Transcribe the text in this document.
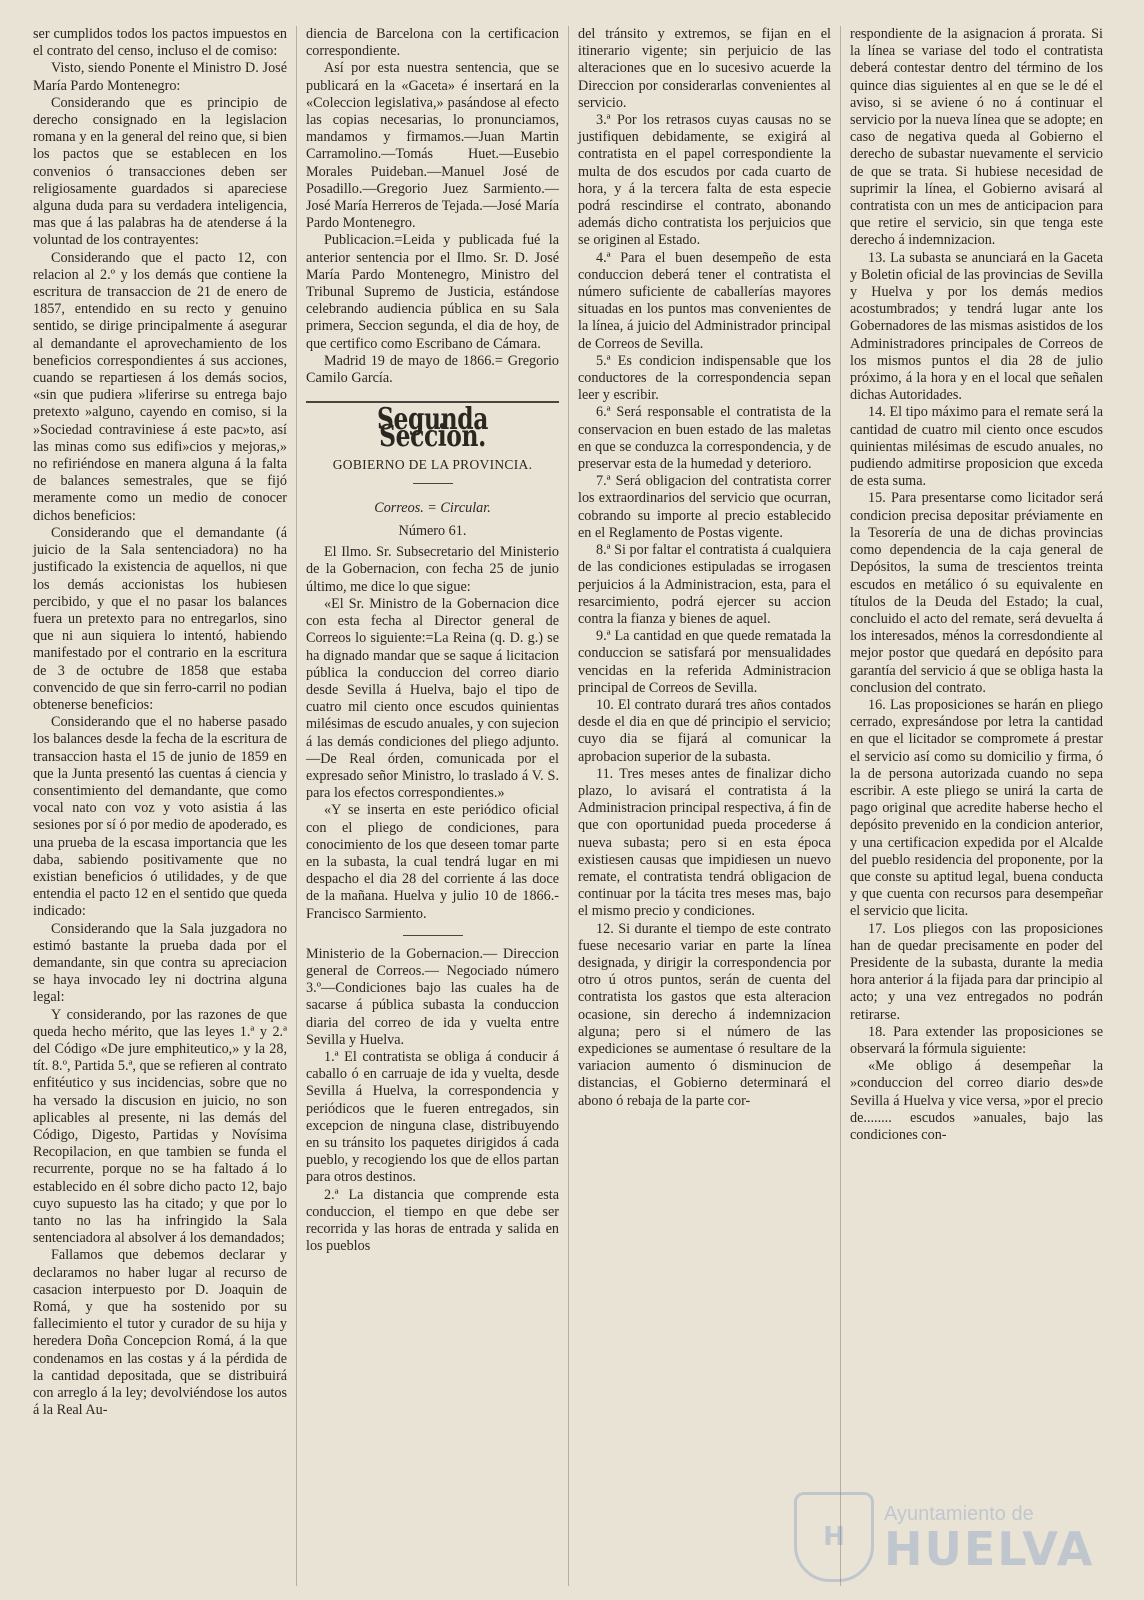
ser cumplidos todos los pactos impuestos en el contrato del censo, incluso el de comiso:

Visto, siendo Ponente el Ministro D. José María Pardo Montenegro:

Considerando que es principio de derecho consignado en la legislacion romana y en la general del reino que, si bien los pactos que se establecen en los convenios ó transacciones deben ser religiosamente guardados si apareciese alguna duda para su verdadera inteligencia, mas que á las palabras ha de atenderse á la voluntad de los contrayentes:

Considerando que el pacto 12, con relacion al 2.º y los demás que contiene la escritura de transaccion de 21 de enero de 1857, entendido en su recto y genuino sentido, se dirige principalmente á asegurar al demandante el aprovechamiento de los beneficios correspondientes á sus acciones, cuando se repartiesen á los demás socios, «sin que pudiera »liferirse su entrega bajo pretexto »alguno, cayendo en comiso, si la »Sociedad contraviniese á este pac»to, así las minas como sus edifi»cios y mejoras,» no refiriéndose en manera alguna á la falta de balances semestrales, que se fijó meramente como un medio de conocer dichos beneficios:

Considerando que el demandante (á juicio de la Sala sentenciadora) no ha justificado la existencia de aquellos, ni que los demás accionistas los hubiesen percibido, y que el no pasar los balances fuera un pretexto para no entregarlos, sino que ni aun siquiera lo intentó, habiendo manifestado por el contrario en la escritura de 3 de octubre de 1858 que estaba convencido de que sin ferro-carril no podian obtenerse beneficios:

Considerando que el no haberse pasado los balances desde la fecha de la escritura de transaccion hasta el 15 de junio de 1859 en que la Junta presentó las cuentas á ciencia y consentimiento del demandante, que como vocal nato con voz y voto asistia á las sesiones por sí ó por medio de apoderado, es una prueba de la escasa importancia que les daba, sabiendo positivamente que no existian beneficios ó utilidades, y de que entendia el pacto 12 en el sentido que queda indicado:

Considerando que la Sala juzgadora no estimó bastante la prueba dada por el demandante, sin que contra su apreciacion se haya invocado ley ni doctrina alguna legal:

Y considerando, por las razones de que queda hecho mérito, que las leyes 1.ª y 2.ª del Código «De jure emphiteutico,» y la 28, tít. 8.º, Partida 5.ª, que se refieren al contrato enfitéutico y sus incidencias, sobre que no ha versado la discusion en juicio, no son aplicables al presente, ni las demás del Código, Digesto, Partidas y Novísima Recopilacion, en que tambien se funda el recurrente, porque no se ha faltado á lo establecido en él sobre dicho pacto 12, bajo cuyo supuesto las ha citado; y que por lo tanto no las ha infringido la Sala sentenciadora al absolver á los demandados;

Fallamos que debemos declarar y declaramos no haber lugar al recurso de casacion interpuesto por D. Joaquin de Romá, y que ha sostenido por su fallecimiento el tutor y curador de su hija y heredera Doña Concepcion Romá, á la que condenamos en las costas y á la pérdida de la cantidad depositada, que se distribuirá con arreglo á la ley; devolviéndose los autos á la Real Au-

diencia de Barcelona con la certificacion correspondiente.

Así por esta nuestra sentencia, que se publicará en la «Gaceta» é insertará en la «Coleccion legislativa,» pasándose al efecto las copias necesarias, lo pronunciamos, mandamos y firmamos.—Juan Martin Carramolino.—Tomás Huet.—Eusebio Morales Puideban.—Manuel José de Posadillo.—Gregorio Juez Sarmiento.—José María Herreros de Tejada.—José María Pardo Montenegro.

Publicacion.=Leida y publicada fué la anterior sentencia por el Ilmo. Sr. D. José María Pardo Montenegro, Ministro del Tribunal Supremo de Justicia, estándose celebrando audiencia pública en su Sala primera, Seccion segunda, el dia de hoy, de que certifico como Escribano de Cámara.

Madrid 19 de mayo de 1866.= Gregorio Camilo García.

Segunda Seccion.
GOBIERNO DE LA PROVINCIA.
Correos. = Circular.
Número 61.

El Ilmo. Sr. Subsecretario del Ministerio de la Gobernacion, con fecha 25 de junio último, me dice lo que sigue:

«El Sr. Ministro de la Gobernacion dice con esta fecha al Director general de Correos lo siguiente:=La Reina (q. D. g.) se ha dignado mandar que se saque á licitacion pública la conduccion del correo diario desde Sevilla á Huelva, bajo el tipo de cuatro mil ciento once escudos quinientas milésimas de escudo anuales, y con sujecion á las demás condiciones del pliego adjunto.—De Real órden, comunicada por el expresado señor Ministro, lo traslado á V. S. para los efectos correspondientes.»

«Y se inserta en este periódico oficial con el pliego de condiciones, para conocimiento de los que deseen tomar parte en la subasta, la cual tendrá lugar en mi despacho el dia 28 del corriente á las doce de la mañana. Huelva y julio 10 de 1866.-Francisco Sarmiento.

Ministerio de la Gobernacion.— Direccion general de Correos.— Negociado número 3.º—Condiciones bajo las cuales ha de sacarse á pública subasta la conduccion diaria del correo de ida y vuelta entre Sevilla y Huelva.

1.ª El contratista se obliga á conducir á caballo ó en carruaje de ida y vuelta, desde Sevilla á Huelva, la correspondencia y periódicos que le fueren entregados, sin excepcion de ninguna clase, distribuyendo en su tránsito los paquetes dirigidos á cada pueblo, y recogiendo los que de ellos partan para otros destinos.

2.ª La distancia que comprende esta conduccion, el tiempo en que debe ser recorrida y las horas de entrada y salida en los pueblos

del tránsito y extremos, se fijan en el itinerario vigente; sin perjuicio de las alteraciones que en lo sucesivo acuerde la Direccion por considerarlas convenientes al servicio.

3.ª Por los retrasos cuyas causas no se justifiquen debidamente, se exigirá al contratista en el papel correspondiente la multa de dos escudos por cada cuarto de hora, y á la tercera falta de esta especie podrá rescindirse el contrato, abonando además dicho contratista los perjuicios que se originen al Estado.

4.ª Para el buen desempeño de esta conduccion deberá tener el contratista el número suficiente de caballerías mayores situadas en los puntos mas convenientes de la línea, á juicio del Administrador principal de Correos de Sevilla.

5.ª Es condicion indispensable que los conductores de la correspondencia sepan leer y escribir.

6.ª Será responsable el contratista de la conservacion en buen estado de las maletas en que se conduzca la correspondencia, y de preservar esta de la humedad y deterioro.

7.ª Será obligacion del contratista correr los extraordinarios del servicio que ocurran, cobrando su importe al precio establecido en el Reglamento de Postas vigente.

8.ª Si por faltar el contratista á cualquiera de las condiciones estipuladas se irrogasen perjuicios á la Administracion, esta, para el resarcimiento, podrá ejercer su accion contra la fianza y bienes de aquel.

9.ª La cantidad en que quede rematada la conduccion se satisfará por mensualidades vencidas en la referida Administracion principal de Correos de Sevilla.

10. El contrato durará tres años contados desde el dia en que dé principio el servicio; cuyo dia se fijará al comunicar la aprobacion superior de la subasta.

11. Tres meses antes de finalizar dicho plazo, lo avisará el contratista á la Administracion principal respectiva, á fin de que con oportunidad pueda procederse á nueva subasta; pero si en esta época existiesen causas que impidiesen un nuevo remate, el contratista tendrá obligacion de continuar por la tácita tres meses mas, bajo el mismo precio y condiciones.

12. Si durante el tiempo de este contrato fuese necesario variar en parte la línea designada, y dirigir la correspondencia por otro ú otros puntos, serán de cuenta del contratista los gastos que esta alteracion ocasione, sin derecho á indemnizacion alguna; pero si el número de las expediciones se aumentase ó resultare de la variacion aumento ó disminucion de distancias, el Gobierno determinará el abono ó rebaja de la parte cor-

respondiente de la asignacion á prorata. Si la línea se variase del todo el contratista deberá contestar dentro del término de los quince dias siguientes al en que se le dé el aviso, si se aviene ó no á continuar el servicio por la nueva línea que se adopte; en caso de negativa queda al Gobierno el derecho de subastar nuevamente el servicio de que se trata. Si hubiese necesidad de suprimir la línea, el Gobierno avisará al contratista con un mes de anticipacion para que retire el servicio, sin que tenga este derecho á indemnizacion.

13. La subasta se anunciará en la Gaceta y Boletin oficial de las provincias de Sevilla y Huelva y por los demás medios acostumbrados; y tendrá lugar ante los Gobernadores de las mismas asistidos de los Administradores principales de Correos de los mismos puntos el dia 28 de julio próximo, á la hora y en el local que señalen dichas Autoridades.

14. El tipo máximo para el remate será la cantidad de cuatro mil ciento once escudos quinientas milésimas de escudo anuales, no pudiendo admitirse proposicion que exceda de esta suma.

15. Para presentarse como licitador será condicion precisa depositar préviamente en la Tesorería de una de dichas provincias como dependencia de la caja general de Depósitos, la suma de trescientos treinta escudos en metálico ó su equivalente en títulos de la Deuda del Estado; la cual, concluido el acto del remate, será devuelta á los interesados, ménos la corresdondiente al mejor postor que quedará en depósito para garantía del servicio á que se obliga hasta la conclusion del contrato.

16. Las proposiciones se harán en pliego cerrado, expresándose por letra la cantidad en que el licitador se compromete á prestar el servicio así como su domicilio y firma, ó la de persona autorizada cuando no sepa escribir. A este pliego se unirá la carta de pago original que acredite haberse hecho el depósito prevenido en la condicion anterior, y una certificacion expedida por el Alcalde del pueblo residencia del proponente, por la que conste su aptitud legal, buena conducta y que cuenta con recursos para desempeñar el servicio que licita.

17. Los pliegos con las proposiciones han de quedar precisamente en poder del Presidente de la subasta, durante la media hora anterior á la fijada para dar principio al acto; y una vez entregados no podrán retirarse.

18. Para extender las proposiciones se observará la fórmula siguiente:

«Me obligo á desempeñar la »conduccion del correo diario des»de Sevilla á Huelva y vice versa, »por el precio de........ escudos »anuales, bajo las condiciones con-

H
Ayuntamiento de
HUELVA
